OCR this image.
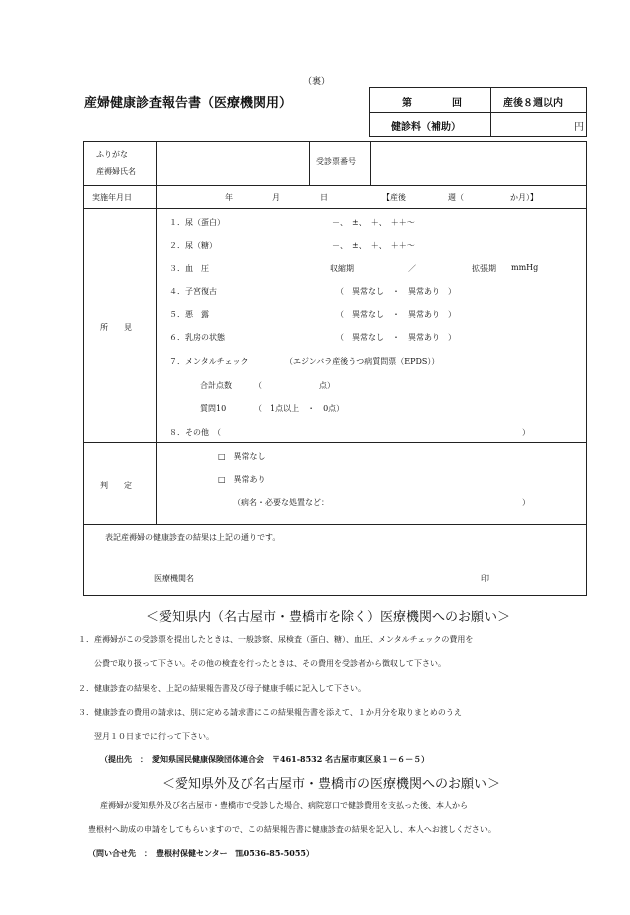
（裏）
産婦健康診査報告書（医療機関用）	第	回	産後８週以内
健診料（補助）	円
ふりがな
産褥婦氏名
受診票番号
実施年月日	年	月	日	【産後	週（	か月）】
所　　見
１．尿（蛋白）	－、　±、　＋、　＋＋～
２．尿（糖）	－、　±、　＋、　＋＋～
３．血　圧	収縮期	／	拡張期 mmHg
４．子宮復古	（　異常なし　・　異常あり　）
５．悪　露	（　異常なし　・　異常あり　）
６．乳房の状態	（　異常なし　・　異常あり　）
７．メンタルチェック	（エジンバラ産後うつ病質問票（EPDS））
合計点数	（	点）
質問10	（　1点以上　・　0点）
８．その他　（	）
判　　定
□　異常なし
□　異常あり
（病名・必要な処置など：	）
表記産褥婦の健康診査の結果は上記の通りです。
医療機関名	印
＜愛知県内（名古屋市・豊橋市を除く）医療機関へのお願い＞
１．産褥婦がこの受診票を提出したときは、一般診察、尿検査（蛋白、糖）、血圧、メンタルチェックの費用を
　　公費で取り扱って下さい。その他の検査を行ったときは、その費用を受診者から徴収して下さい。
２．健康診査の結果を、上記の結果報告書及び母子健康手帳に記入して下さい。
３．健康診査の費用の請求は、別に定める請求書にこの結果報告書を添えて、１か月分を取りまとめのうえ
　　翌月１０日までに行って下さい。
（提出先　：　愛知県国民健康保険団体連合会　〒461-8532 名古屋市東区泉１－６－５）
＜愛知県外及び名古屋市・豊橋市の医療機関へのお願い＞
産褥婦が愛知県外及び名古屋市・豊橋市で受診した場合、病院窓口で健診費用を支払った後、本人から
豊根村へ助成の申請をしてもらいますので、この結果報告書に健康診査の結果を記入し、本人へお渡しください。
（問い合せ先　：　豊根村保健センター　℡0536-85-5055）
